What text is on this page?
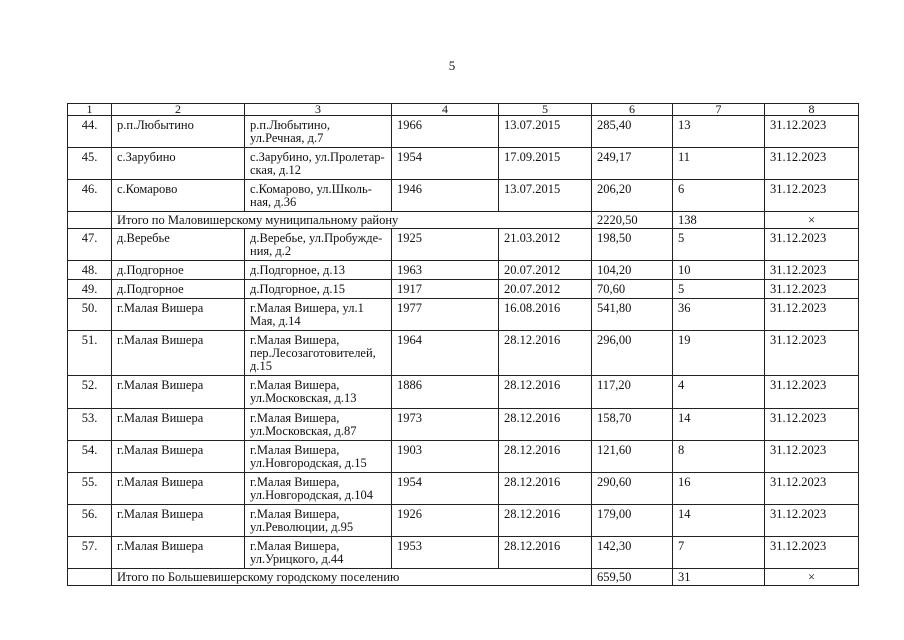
5
1	2	3	4	5	6	7	8
44.	р.п.Любытино	р.п.Любытино, ул.Речная, д.7	1966	13.07.2015	285,40	13	31.12.2023
45.	с.Зарубино	с.Зарубино, ул.Пролетар-ская, д.12	1954	17.09.2015	249,17	11	31.12.2023
46.	с.Комарово	с.Комарово, ул.Школь-ная, д.36	1946	13.07.2015	206,20	6	31.12.2023
	Итого по Маловишерскому муниципальному району				2220,50	138	×
47.	д.Веребье	д.Веребье, ул.Пробужде-ния, д.2	1925	21.03.2012	198,50	5	31.12.2023
48.	д.Подгорное	д.Подгорное, д.13	1963	20.07.2012	104,20	10	31.12.2023
49.	д.Подгорное	д.Подгорное, д.15	1917	20.07.2012	70,60	5	31.12.2023
50.	г.Малая Вишера	г.Малая Вишера, ул.1 Мая, д.14	1977	16.08.2016	541,80	36	31.12.2023
51.	г.Малая Вишера	г.Малая Вишера, пер.Лесозаготовителей, д.15	1964	28.12.2016	296,00	19	31.12.2023
52.	г.Малая Вишера	г.Малая Вишера, ул.Московская, д.13	1886	28.12.2016	117,20	4	31.12.2023
53.	г.Малая Вишера	г.Малая Вишера, ул.Московская, д.87	1973	28.12.2016	158,70	14	31.12.2023
54.	г.Малая Вишера	г.Малая Вишера, ул.Новгородская, д.15	1903	28.12.2016	121,60	8	31.12.2023
55.	г.Малая Вишера	г.Малая Вишера, ул.Новгородская, д.104	1954	28.12.2016	290,60	16	31.12.2023
56.	г.Малая Вишера	г.Малая Вишера, ул.Революции, д.95	1926	28.12.2016	179,00	14	31.12.2023
57.	г.Малая Вишера	г.Малая Вишера, ул.Урицкого, д.44	1953	28.12.2016	142,30	7	31.12.2023
	Итого по Большевишерскому городскому поселению				659,50	31	×
